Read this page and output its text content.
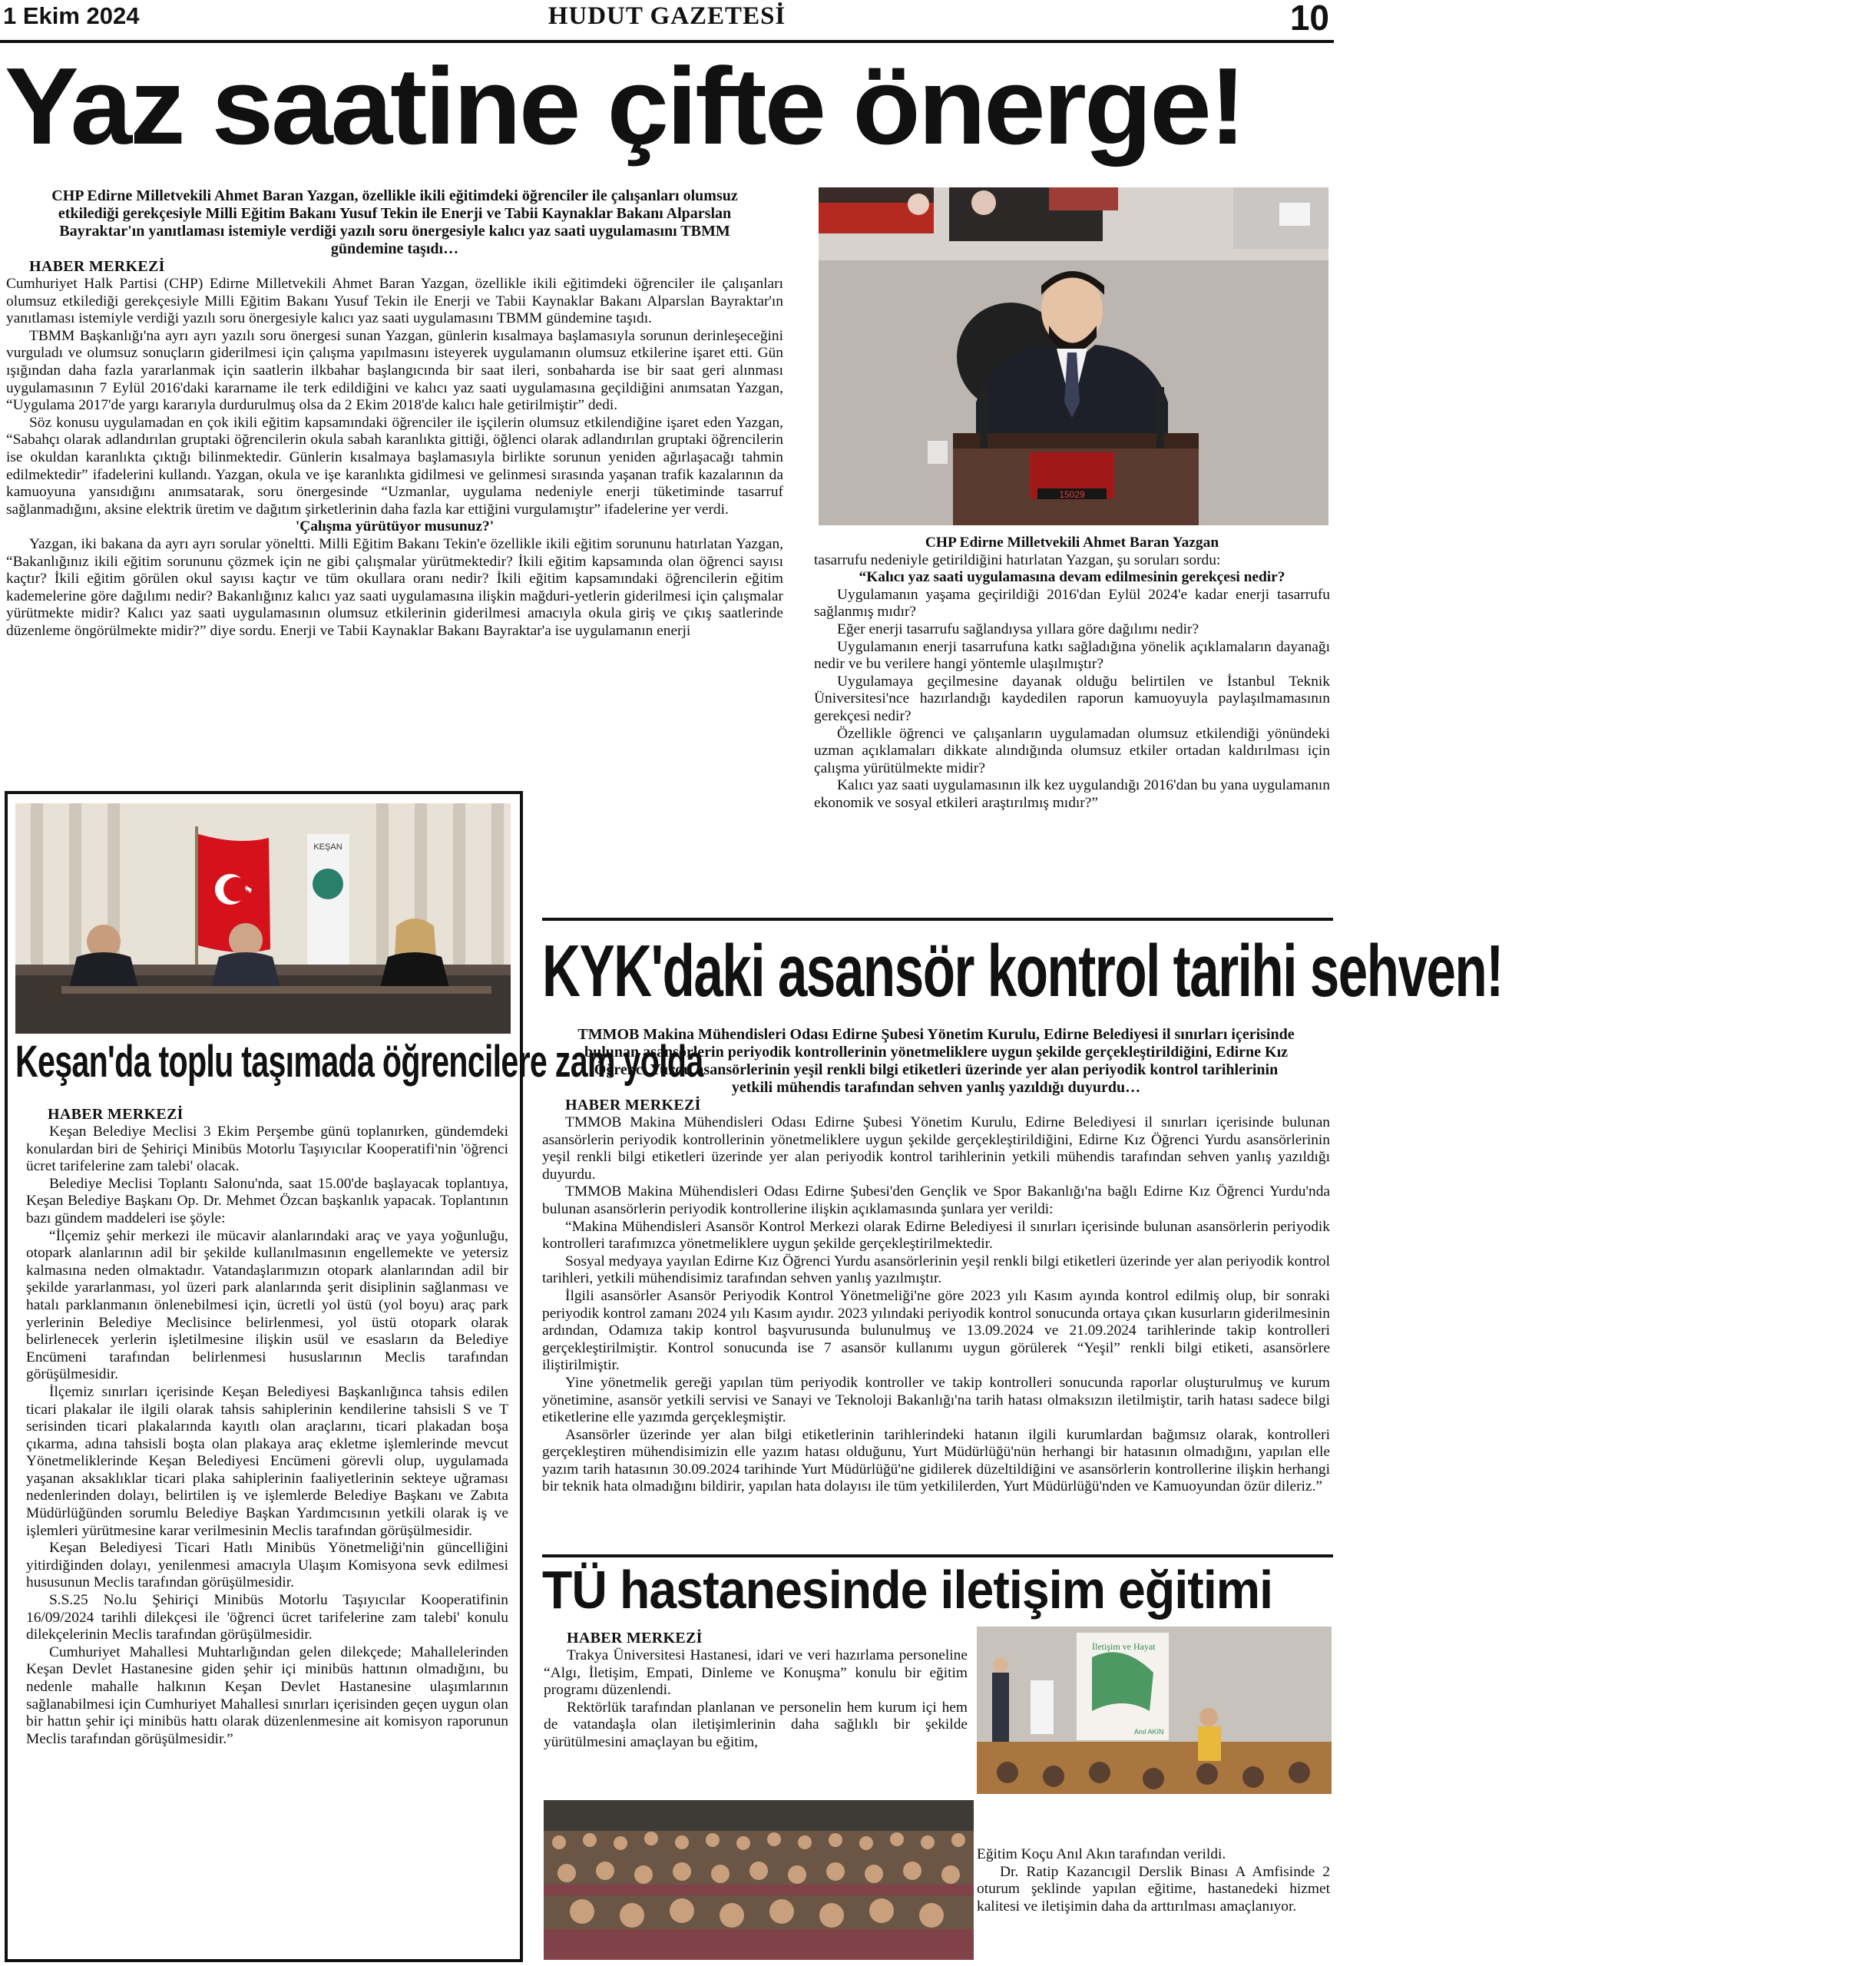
1 Ekim 2024	HUDUT GAZETESİ	10
Yaz saatine çifte önerge!
CHP Edirne Milletvekili Ahmet Baran Yazgan, özellikle ikili eğitimdeki öğrenciler ile çalışanları olumsuz etkilediği gerekçesiyle Milli Eğitim Bakanı Yusuf Tekin ile Enerji ve Tabii Kaynaklar Bakanı Alparslan Bayraktar'ın yanıtlaması istemiyle verdiği yazılı soru önergesiyle kalıcı yaz saati uygulamasını TBMM gündemine taşıdı…
HABER MERKEZİ

Cumhuriyet Halk Partisi (CHP) Edirne Milletvekili Ahmet Baran Yazgan, özellikle ikili eğitimdeki öğrenciler ile çalışanları olumsuz etkilediği gerekçesiyle Milli Eğitim Bakanı Yusuf Tekin ile Enerji ve Tabii Kaynaklar Bakanı Alparslan Bayraktar'ın yanıtlaması istemiyle verdiği yazılı soru önergesiyle kalıcı yaz saati uygulamasını TBMM gündemine taşıdı.

TBMM Başkanlığı'na ayrı ayrı yazılı soru önergesi sunan Yazgan, günlerin kısalmaya başlamasıyla sorunun derinleşeceğini vurguladı ve olumsuz sonuçların giderilmesi için çalışma yapılmasını isteyerek uygulamanın olumsuz etkilerine işaret etti. Gün ışığından daha fazla yararlanmak için saatlerin ilkbahar başlangıcında bir saat ileri, sonbaharda ise bir saat geri alınması uygulamasının 7 Eylül 2016'daki kararname ile terk edildiğini ve kalıcı yaz saati uygulamasına geçildiğini anımsatan Yazgan, “Uygulama 2017'de yargı kararıyla durdurulmuş olsa da 2 Ekim 2018'de kalıcı hale getirilmiştir” dedi.

Söz konusu uygulamadan en çok ikili eğitim kapsamındaki öğrenciler ile işçilerin olumsuz etkilendiğine işaret eden Yazgan, “Sabahçı olarak adlandırılan gruptaki öğrencilerin okula sabah karanlıkta gittiği, öğlenci olarak adlandırılan gruptaki öğrencilerin ise okuldan karanlıkta çıktığı bilinmektedir. Günlerin kısalmaya başlamasıyla birlikte sorunun yeniden ağırlaşacağı tahmin edilmektedir” ifadelerini kullandı. Yazgan, okula ve işe karanlıkta gidilmesi ve gelinmesi sırasında yaşanan trafik kazalarının da kamuoyuna yansıdığını anımsatarak, soru önergesinde “Uzmanlar, uygulama nedeniyle enerji tüketiminde tasarruf sağlanmadığını, aksine elektrik üretim ve dağıtım şirketlerinin daha fazla kar ettiğini vurgulamıştır” ifadelerine yer verdi.

'Çalışma yürütüyor musunuz?'

Yazgan, iki bakana da ayrı ayrı sorular yöneltti. Milli Eğitim Bakanı Tekin'e özellikle ikili eğitim sorununu hatırlatan Yazgan, “Bakanlığınız ikili eğitim sorununu çözmek için ne gibi çalışmalar yürütmektedir? İkili eğitim kapsamında olan öğrenci sayısı kaçtır? İkili eğitim görülen okul sayısı kaçtır ve tüm okullara oranı nedir? İkili eğitim kapsamındaki öğrencilerin eğitim kademelerine göre dağılımı nedir? Bakanlığınız kalıcı yaz saati uygulamasına ilişkin mağduri-yetlerin giderilmesi için çalışmalar yürütmekte midir? Kalıcı yaz saati uygulamasının olumsuz etkilerinin giderilmesi amacıyla okula giriş ve çıkış saatlerinde düzenleme öngörülmekte midir?” diye sordu. Enerji ve Tabii Kaynaklar Bakanı Bayraktar'a ise uygulamanın enerji

15029
CHP Edirne Milletvekili Ahmet Baran Yazgan

tasarrufu nedeniyle getirildiğini hatırlatan Yazgan, şu soruları sordu:

“Kalıcı yaz saati uygulamasına devam edilmesinin gerekçesi nedir?

Uygulamanın yaşama geçirildiği 2016'dan Eylül 2024'e kadar enerji tasarrufu sağlanmış mıdır?

Eğer enerji tasarrufu sağlandıysa yıllara göre dağılımı nedir?

Uygulamanın enerji tasarrufuna katkı sağladığına yönelik açıklamaların dayanağı nedir ve bu verilere hangi yöntemle ulaşılmıştır?

Uygulamaya geçilmesine dayanak olduğu belirtilen ve İstanbul Teknik Üniversitesi'nce hazırlandığı kaydedilen raporun kamuoyuyla paylaşılmamasının gerekçesi nedir?

Özellikle öğrenci ve çalışanların uygulamadan olumsuz etkilendiği yönündeki uzman açıklamaları dikkate alındığında olumsuz etkiler ortadan kaldırılması için çalışma yürütülmekte midir?

Kalıcı yaz saati uygulamasının ilk kez uygulandığı 2016'dan bu yana uygulamanın ekonomik ve sosyal etkileri araştırılmış mıdır?”

KEŞAN
Keşan'da toplu taşımada öğrencilere zam yolda
HABER MERKEZİ

Keşan Belediye Meclisi 3 Ekim Perşembe günü toplanırken, gündemdeki konulardan biri de Şehiriçi Minibüs Motorlu Taşıyıcılar Kooperatifi'nin 'öğrenci ücret tarifelerine zam talebi' olacak.

Belediye Meclisi Toplantı Salonu'nda, saat 15.00'de başlayacak toplantıya, Keşan Belediye Başkanı Op. Dr. Mehmet Özcan başkanlık yapacak. Toplantının bazı gündem maddeleri ise şöyle:

“İlçemiz şehir merkezi ile mücavir alanlarındaki araç ve yaya yoğunluğu, otopark alanlarının adil bir şekilde kullanılmasının engellemekte ve yetersiz kalmasına neden olmaktadır. Vatandaşlarımızın otopark alanlarından adil bir şekilde yararlanması, yol üzeri park alanlarında şerit disiplinin sağlanması ve hatalı parklanmanın önlenebilmesi için, ücretli yol üstü (yol boyu) araç park yerlerinin Belediye Meclisince belirlenmesi, yol üstü otopark olarak belirlenecek yerlerin işletilmesine ilişkin usül ve esasların da Belediye Encümeni tarafından belirlenmesi hususlarının Meclis tarafından görüşülmesidir.

İlçemiz sınırları içerisinde Keşan Belediyesi Başkanlığınca tahsis edilen ticari plakalar ile ilgili olarak tahsis sahiplerinin kendilerine tahsisli S ve T serisinden ticari plakalarında kayıtlı olan araçlarını, ticari plakadan boşa çıkarma, adına tahsisli boşta olan plakaya araç ekletme işlemlerinde mevcut Yönetmeliklerinde Keşan Belediyesi Encümeni görevli olup, uygulamada yaşanan aksaklıklar ticari plaka sahiplerinin faaliyetlerinin sekteye uğraması nedenlerinden dolayı, belirtilen iş ve işlemlerde Belediye Başkanı ve Zabıta Müdürlüğünden sorumlu Belediye Başkan Yardımcısının yetkili olarak iş ve işlemleri yürütmesine karar verilmesinin Meclis tarafından görüşülmesidir.

Keşan Belediyesi Ticari Hatlı Minibüs Yönetmeliği'nin güncelliğini yitirdiğinden dolayı, yenilenmesi amacıyla Ulaşım Komisyona sevk edilmesi hususunun Meclis tarafından görüşülmesidir.

S.S.25 No.lu Şehiriçi Minibüs Motorlu Taşıyıcılar Kooperatifinin 16/09/2024 tarihli dilekçesi ile 'öğrenci ücret tarifelerine zam talebi' konulu dilekçelerinin Meclis tarafından görüşülmesidir.

Cumhuriyet Mahallesi Muhtarlığından gelen dilekçede; Mahallelerinden Keşan Devlet Hastanesine giden şehir içi minibüs hattının olmadığını, bu nedenle mahalle halkının Keşan Devlet Hastanesine ulaşımlarının sağlanabilmesi için Cumhuriyet Mahallesi sınırları içerisinden geçen uygun olan bir hattın şehir içi minibüs hattı olarak düzenlenmesine ait komisyon raporunun Meclis tarafından görüşülmesidir.”

KYK'daki asansör kontrol tarihi sehven!
TMMOB Makina Mühendisleri Odası Edirne Şubesi Yönetim Kurulu, Edirne Belediyesi il sınırları içerisinde bulunan asansörlerin periyodik kontrollerinin yönetmeliklere uygun şekilde gerçekleştirildiğini, Edirne Kız Öğrenci Yurdu asansörlerinin yeşil renkli bilgi etiketleri üzerinde yer alan periyodik kontrol tarihlerinin yetkili mühendis tarafından sehven yanlış yazıldığı duyurdu…
HABER MERKEZİ

TMMOB Makina Mühendisleri Odası Edirne Şubesi Yönetim Kurulu, Edirne Belediyesi il sınırları içerisinde bulunan asansörlerin periyodik kontrollerinin yönetmeliklere uygun şekilde gerçekleştirildiğini, Edirne Kız Öğrenci Yurdu asansörlerinin yeşil renkli bilgi etiketleri üzerinde yer alan periyodik kontrol tarihlerinin yetkili mühendis tarafından sehven yanlış yazıldığı duyurdu.

TMMOB Makina Mühendisleri Odası Edirne Şubesi'den Gençlik ve Spor Bakanlığı'na bağlı Edirne Kız Öğrenci Yurdu'nda bulunan asansörlerin periyodik kontrollerine ilişkin açıklamasında şunlara yer verildi:

“Makina Mühendisleri Asansör Kontrol Merkezi olarak Edirne Belediyesi il sınırları içerisinde bulunan asansörlerin periyodik kontrolleri tarafımızca yönetmeliklere uygun şekilde gerçekleştirilmektedir.

Sosyal medyaya yayılan Edirne Kız Öğrenci Yurdu asansörlerinin yeşil renkli bilgi etiketleri üzerinde yer alan periyodik kontrol tarihleri, yetkili mühendisimiz tarafından sehven yanlış yazılmıştır.

İlgili asansörler Asansör Periyodik Kontrol Yönetmeliği'ne göre 2023 yılı Kasım ayında kontrol edilmiş olup, bir sonraki periyodik kontrol zamanı 2024 yılı Kasım ayıdır. 2023 yılındaki periyodik kontrol sonucunda ortaya çıkan kusurların giderilmesinin ardından, Odamıza takip kontrol başvurusunda bulunulmuş ve 13.09.2024 ve 21.09.2024 tarihlerinde takip kontrolleri gerçekleştirilmiştir. Kontrol sonucunda ise 7 asansör kullanımı uygun görülerek “Yeşil” renkli bilgi etiketi, asansörlere iliştirilmiştir.

Yine yönetmelik gereği yapılan tüm periyodik kontroller ve takip kontrolleri sonucunda raporlar oluşturulmuş ve kurum yönetimine, asansör yetkili servisi ve Sanayi ve Teknoloji Bakanlığı'na tarih hatası olmaksızın iletilmiştir, tarih hatası sadece bilgi etiketlerine elle yazımda gerçekleşmiştir.

Asansörler üzerinde yer alan bilgi etiketlerinin tarihlerindeki hatanın ilgili kurumlardan bağımsız olarak, kontrolleri gerçekleştiren mühendisimizin elle yazım hatası olduğunu, Yurt Müdürlüğü'nün herhangi bir hatasının olmadığını, yapılan elle yazım tarih hatasının 30.09.2024 tarihinde Yurt Müdürlüğü'ne gidilerek düzeltildiğini ve asansörlerin kontrollerine ilişkin herhangi bir teknik hata olmadığını bildirir, yapılan hata dolayısı ile tüm yetkililerden, Yurt Müdürlüğü'nden ve Kamuoyundan özür dileriz.”

TÜ hastanesinde iletişim eğitimi
HABER MERKEZİ

Trakya Üniversitesi Hastanesi, idari ve veri hazırlama personeline “Algı, İletişim, Empati, Dinleme ve Konuşma” konulu bir eğitim programı düzenlendi.

Rektörlük tarafından planlanan ve personelin hem kurum içi hem de vatandaşla olan iletişimlerinin daha sağlıklı bir şekilde yürütülmesini amaçlayan bu eğitim,

İletişim ve Hayat
Anıl AKIN

Eğitim Koçu Anıl Akın tarafından verildi.

Dr. Ratip Kazancıgil Derslik Binası A Amfisinde 2 oturum şeklinde yapılan eğitime, hastanedeki hizmet kalitesi ve iletişimin daha da arttırılması amaçlanıyor.
